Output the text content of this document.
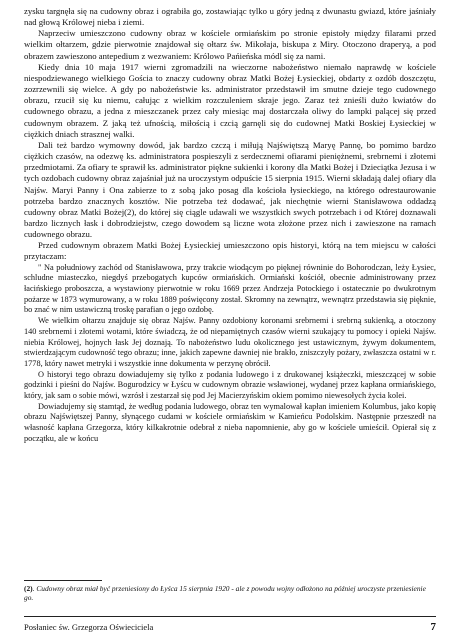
zysku targnęła się na cudowny obraz i ograbiła go, zostawiając tylko u góry jedną z dwunastu gwiazd, które jaśniały nad głową Królowej nieba i ziemi.

Naprzeciw umieszczono cudowny obraz w kościele ormiańskim po stronie epistoły między filarami przed wielkim ołtarzem, gdzie pierwotnie znajdował się ołtarz św. Mikołaja, biskupa z Miry. Otoczono draperyą, a pod obrazem zawieszono antepedium z wezwaniem: Królowo Pańieńska módl się za nami.

Kiedy dnia 10 maja 1917 wierni zgromadzili na wieczorne nabożeństwo niemało naprawdę w kościele niespodziewanego wielkiego Gościa to znaczy cudowny obraz Matki Bożej Łysieckiej, obdarty z ozdób doszczętu, zozrzewnili się wielce. A gdy po nabożeństwie ks. administrator przedstawił im smutne dzieje tego cudownego obrazu, rzucił się ku niemu, całując z wielkim rozczuleniem skraje jego. Zaraz też znieśli dużo kwiatów do cudownego obrazu, a jedna z mieszczanek przez cały miesiąc maj dostarczała oliwy do lampki palącej się przed cudownym obrazem. Z jaką też ufnością, miłością i czcią garnęli się do cudownej Matki Boskiej Łysieckiej w ciężkich dniach strasznej walki.

Dali też bardzo wymowny dowód, jak bardzo czczą i miłują Najświętszą Maryę Pannę, bo pomimo bardzo ciężkich czasów, na odezwę ks. administratora pospieszyli z serdecznemi ofiarami pieniężnemi, srebrnemi i złotemi przedmiotami. Za ofiary te sprawił ks. administrator piękne sukienki i korony dla Matki Bożej i Dzieciątka Jezusa i w tych ozdobach cudowny obraz zajaśniał już na uroczystym odpuście 15 sierpnia 1915. Wierni składają dalej ofiary dla Najśw. Maryi Panny i Ona zabierze to z sobą jako posag dla kościoła łysieckiego, na którego odrestaurowanie potrzeba bardzo znacznych kosztów. Nie potrzeba też dodawać, jak niechętnie wierni Stanisławowa oddadzą cudowny obraz Matki Bożej(2), do której się ciągle udawali we wszystkich swych potrzebach i od Której doznawali bardzo licznych łask i dobrodziejstw, czego dowodem są liczne wota złożone przez nich i zawieszone na ramach cudownego obrazu.

Przed cudownym obrazem Matki Bożej Łysieckiej umieszczono opis historyi, którą na tem miejscu w całości przytaczam:

" Na południowy zachód od Stanisławowa, przy trakcie wiodącym po pięknej równinie do Bohorodczan, leży Łysiec, schludne miasteczko, niegdyś przebogatych kupców ormiańskich. Ormiański kościół, obecnie administrowany przez łacińskiego proboszcza, a wystawiony pierwotnie w roku 1669 przez Andrzeja Potockiego i ostatecznie po dwukrotnym pożarze w 1873 wymurowany, a w roku 1889 poświęcony został. Skromny na zewnątrz, wewnątrz przedstawia się pięknie, bo znać w nim ustawiczną troskę parafian o jego ozdobę.

We wielkim ołtarzu znajduje się obraz Najśw. Panny ozdobiony koronami srebrnemi i srebrną sukienką, a otoczony 140 srebrnemi i złotemi wotami, które świadczą, że od niepamiętnych czasów wierni szukający tu pomocy i opieki Najśw. niebia Królowej, hojnych łask Jej doznają. To nabożeństwo ludu okolicznego jest ustawicznym, żywym dokumentem, stwierdzającym cudowność tego obrazu; inne, jakich zapewne dawniej nie brakło, zniszczyły pożary, zwłaszcza ostatni w r. 1778, który nawet metryki i wszystkie inne dokumenta w perzynę obrócił.

O historyi tego obrazu dowiadujemy się tylko z podania ludowego i z drukowanej książeczki, mieszczącej w sobie godzinki i pieśni do Najśw. Bogurodzicy w Łyścu w cudownym obrazie wsławionej, wydanej przez kapłana ormiańskiego, który, jak sam o sobie mówi, wzrósł i zestarzał się pod Jej Macierzyńskim okiem pomimo niewesołych życia kolei.

Dowiadujemy się stamtąd, że według podania ludowego, obraz ten wymalował kapłan imieniem Kolumbus, jako kopię obrazu Najświętszej Panny, słynącego cudami w kościele ormiańskim w Kamieńcu Podolskim. Następnie przeszedł na własność kapłana Grzegorza, który kilkakrotnie odebrał z nieba napomnienie, aby go w kościele umieścił. Opierał się z początku, ale w końcu

(2). Cudowny obraz miał być przeniesiony do Łyśca 15 sierpnia 1920 - ale z powodu wojny odłożono na później uroczyste przeniesienie go.
Posłaniec św. Grzegorza Oświeciciela	7
